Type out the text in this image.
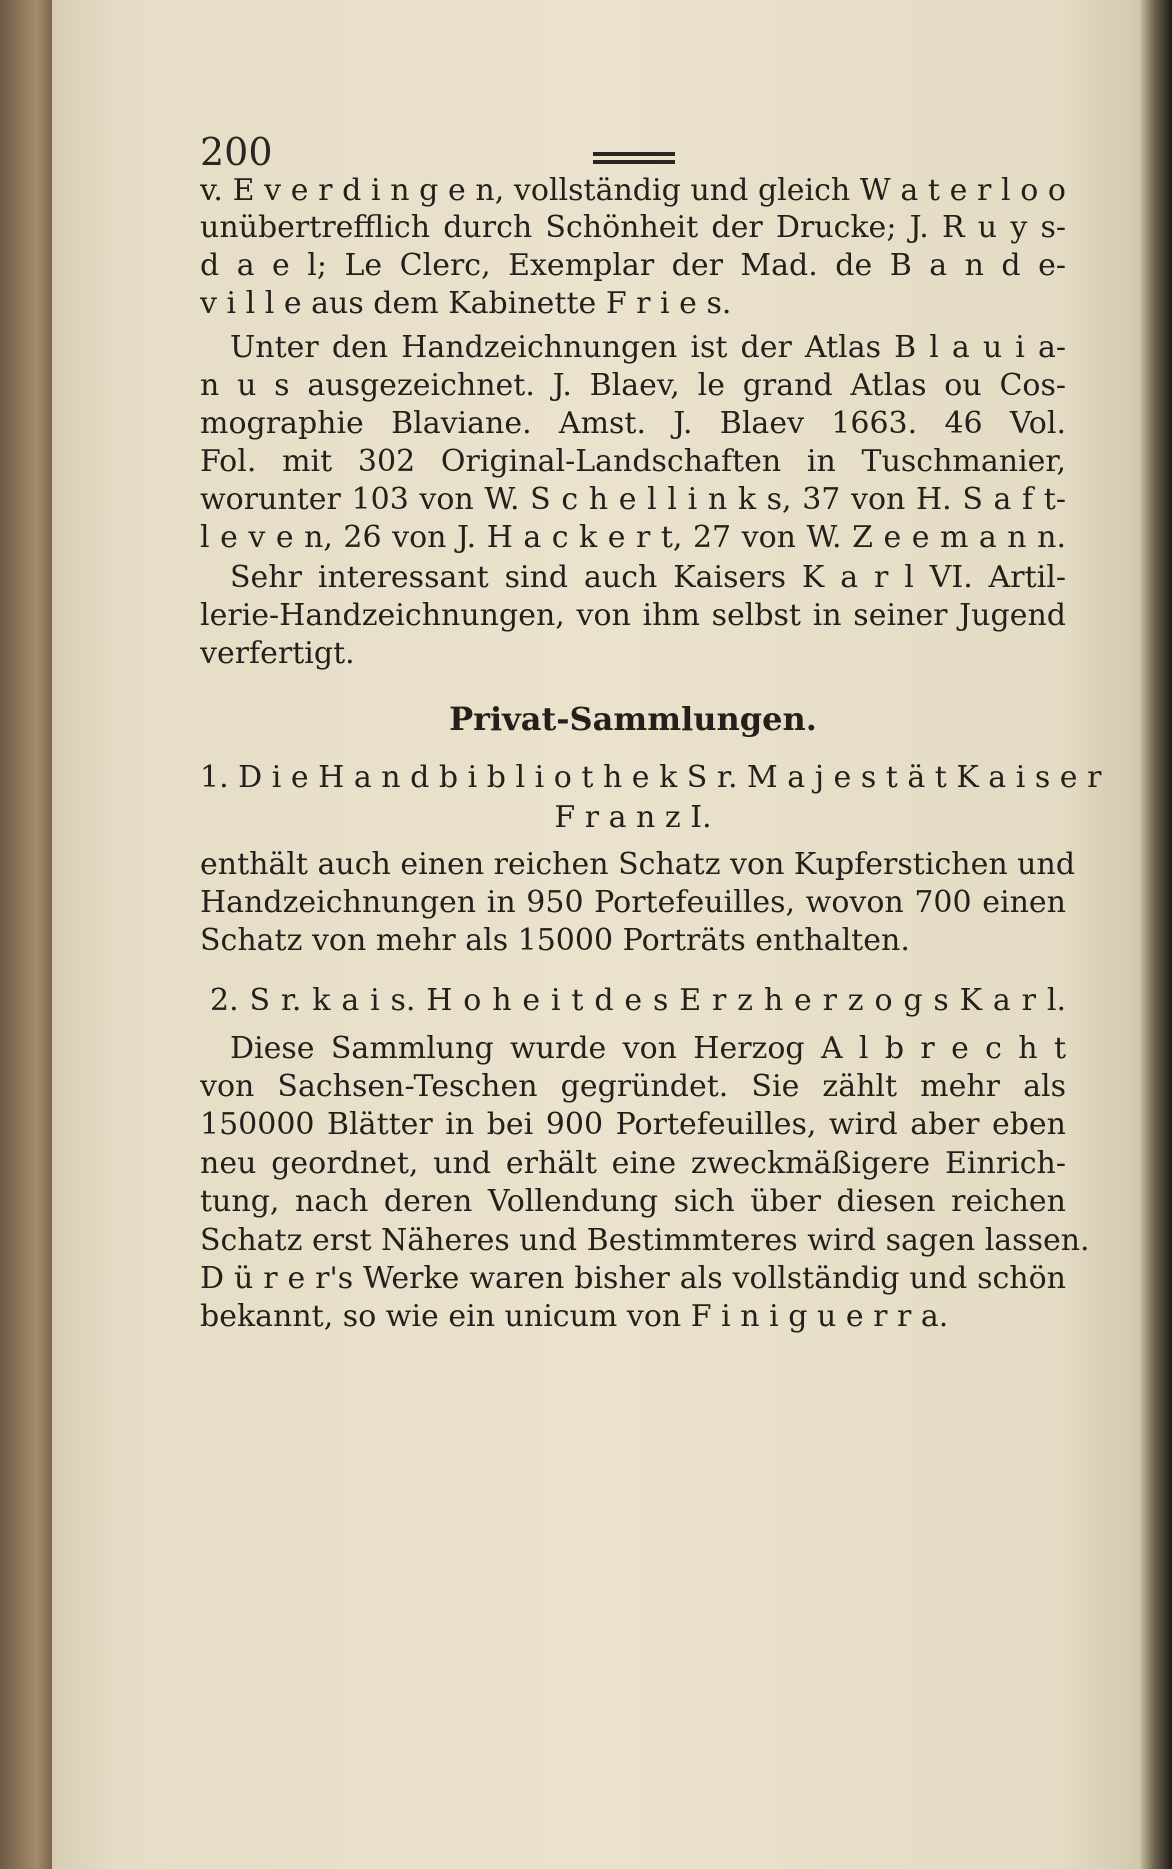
200
v. E v e r d i n g e n, vollständig und gleich W a t e r l o o
unübertrefflich durch Schönheit der Drucke; J. R u y s-
d a e l; Le Clerc, Exemplar der Mad. de B a n d e-
v i l l e aus dem Kabinette F r i e s.
Unter den Handzeichnungen ist der Atlas B l a u i a-
n u s ausgezeichnet. J. Blaev, le grand Atlas ou Cos-
mographie Blaviane. Amst. J. Blaev 1663. 46 Vol.
Fol. mit 302 Original-Landschaften in Tuschmanier,
worunter 103 von W. S c h e l l i n k s, 37 von H. S a f t-
l e v e n, 26 von J. H a c k e r t, 27 von W. Z e e m a n n.
Sehr interessant sind auch Kaisers K a r l VI. Artil-
lerie-Handzeichnungen, von ihm selbst in seiner Jugend
verfertigt.
Privat-Sammlungen.
1. D i e H a n d b i b l i o t h e k S r. M a j e s t ä t K a i s e r
F r a n z I.
enthält auch einen reichen Schatz von Kupferstichen und
Handzeichnungen in 950 Portefeuilles, wovon 700 einen
Schatz von mehr als 15000 Porträts enthalten.
2. S r. k a i s. H o h e i t d e s E r z h e r z o g s K a r l.
Diese Sammlung wurde von Herzog A l b r e c h t
von Sachsen-Teschen gegründet. Sie zählt mehr als
150000 Blätter in bei 900 Portefeuilles, wird aber eben
neu geordnet, und erhält eine zweckmäßigere Einrich-
tung, nach deren Vollendung sich über diesen reichen
Schatz erst Näheres und Bestimmteres wird sagen lassen.
D ü r e r's Werke waren bisher als vollständig und schön
bekannt, so wie ein unicum von F i n i g u e r r a.
